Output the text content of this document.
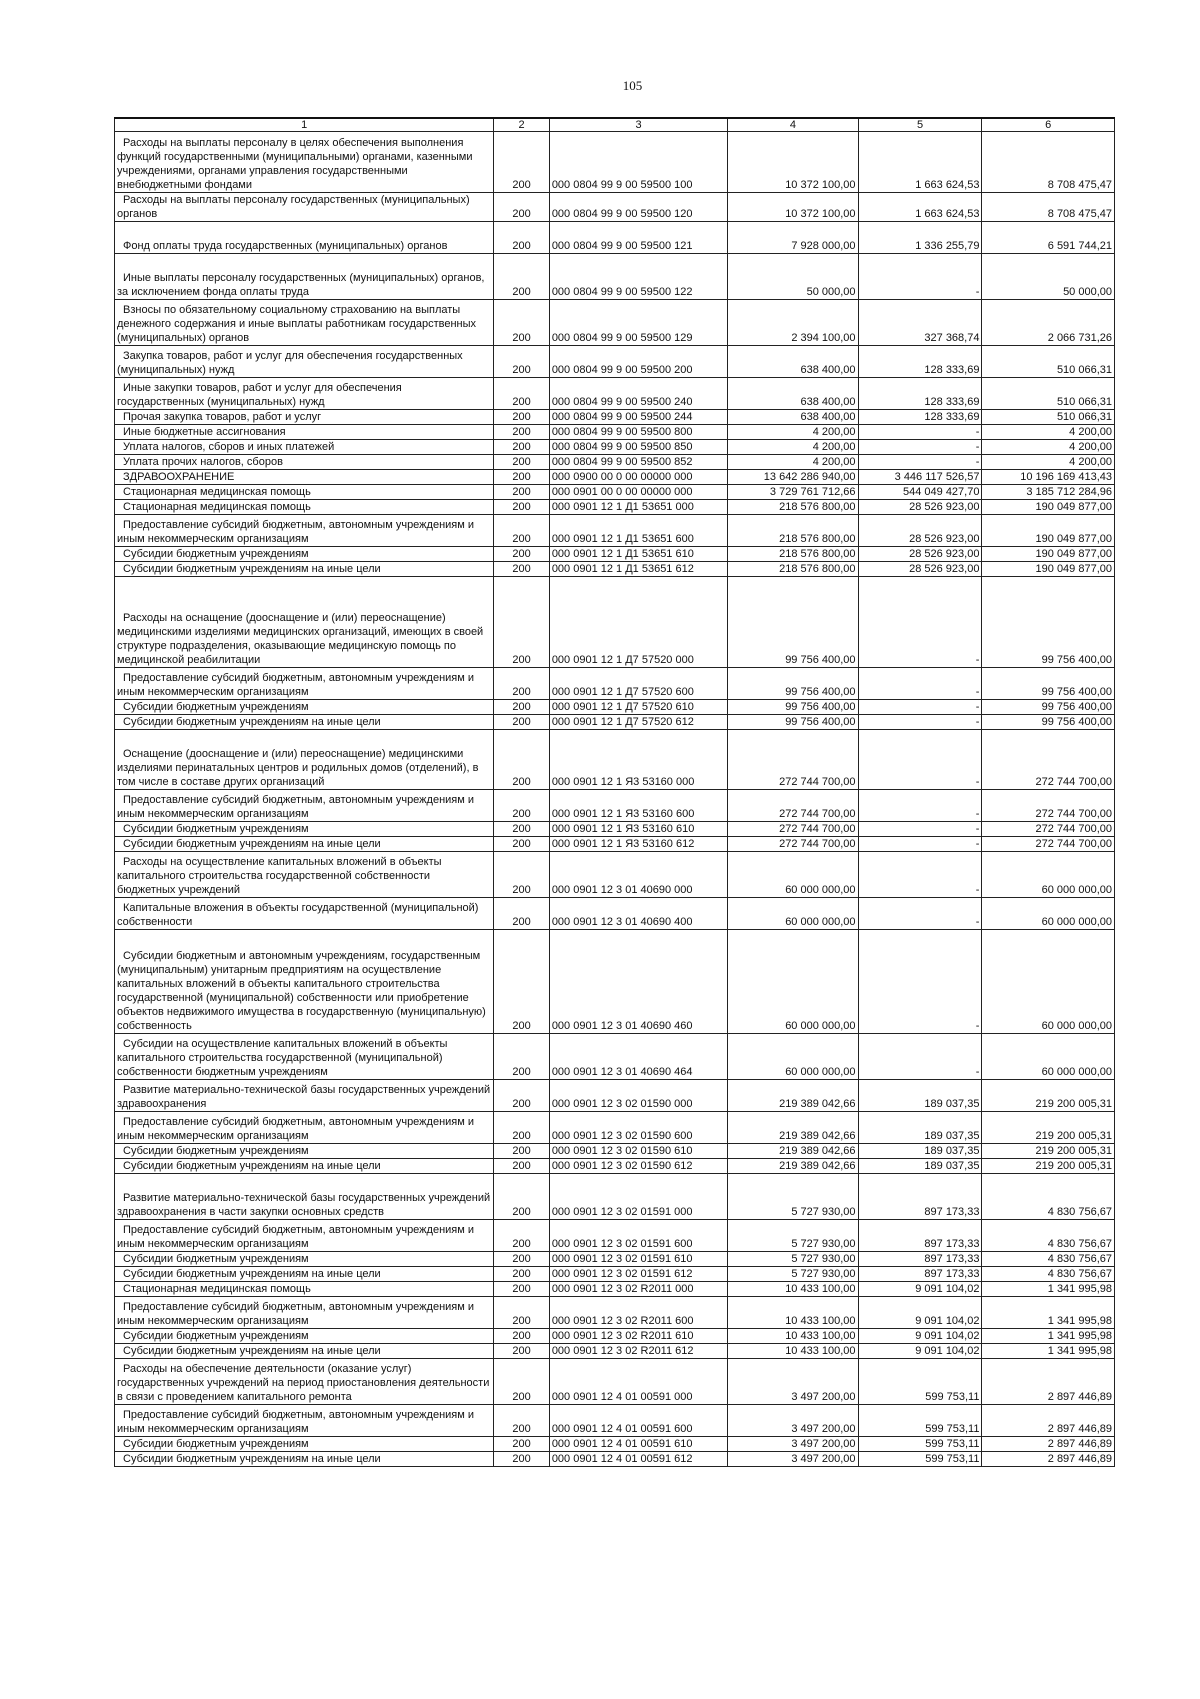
105
1	2	3	4	5	6
Расходы на выплаты персоналу в целях обеспечения выполнения функций государственными (муниципальными) органами, казенными учреждениями, органами управления государственными внебюджетными фондами	200	000 0804 99 9 00 59500 100	10 372 100,00	1 663 624,53	8 708 475,47
Расходы на выплаты персоналу государственных (муниципальных) органов	200	000 0804 99 9 00 59500 120	10 372 100,00	1 663 624,53	8 708 475,47
Фонд оплаты труда государственных (муниципальных) органов	200	000 0804 99 9 00 59500 121	7 928 000,00	1 336 255,79	6 591 744,21
Иные выплаты персоналу государственных (муниципальных) органов, за исключением фонда оплаты труда	200	000 0804 99 9 00 59500 122	50 000,00	-	50 000,00
Взносы по обязательному социальному страхованию на выплаты денежного содержания и иные выплаты работникам государственных (муниципальных) органов	200	000 0804 99 9 00 59500 129	2 394 100,00	327 368,74	2 066 731,26
Закупка товаров, работ и услуг для обеспечения государственных (муниципальных) нужд	200	000 0804 99 9 00 59500 200	638 400,00	128 333,69	510 066,31
Иные закупки товаров, работ и услуг для обеспечения государственных (муниципальных) нужд	200	000 0804 99 9 00 59500 240	638 400,00	128 333,69	510 066,31
Прочая закупка товаров, работ и услуг	200	000 0804 99 9 00 59500 244	638 400,00	128 333,69	510 066,31
Иные бюджетные ассигнования	200	000 0804 99 9 00 59500 800	4 200,00	-	4 200,00
Уплата налогов, сборов и иных платежей	200	000 0804 99 9 00 59500 850	4 200,00	-	4 200,00
Уплата прочих налогов, сборов	200	000 0804 99 9 00 59500 852	4 200,00	-	4 200,00
ЗДРАВООХРАНЕНИЕ	200	000 0900 00 0 00 00000 000	13 642 286 940,00	3 446 117 526,57	10 196 169 413,43
Стационарная медицинская помощь	200	000 0901 00 0 00 00000 000	3 729 761 712,66	544 049 427,70	3 185 712 284,96
Стационарная медицинская помощь	200	000 0901 12 1 Д1 53651 000	218 576 800,00	28 526 923,00	190 049 877,00
Предоставление субсидий бюджетным, автономным учреждениям и иным некоммерческим организациям	200	000 0901 12 1 Д1 53651 600	218 576 800,00	28 526 923,00	190 049 877,00
Субсидии бюджетным учреждениям	200	000 0901 12 1 Д1 53651 610	218 576 800,00	28 526 923,00	190 049 877,00
Субсидии бюджетным учреждениям на иные цели	200	000 0901 12 1 Д1 53651 612	218 576 800,00	28 526 923,00	190 049 877,00
Расходы на оснащение (дооснащение и (или) переоснащение) медицинскими изделиями медицинских организаций, имеющих в своей структуре подразделения, оказывающие медицинскую помощь по медицинской реабилитации	200	000 0901 12 1 Д7 57520 000	99 756 400,00	-	99 756 400,00
Предоставление субсидий бюджетным, автономным учреждениям и иным некоммерческим организациям	200	000 0901 12 1 Д7 57520 600	99 756 400,00	-	99 756 400,00
Субсидии бюджетным учреждениям	200	000 0901 12 1 Д7 57520 610	99 756 400,00	-	99 756 400,00
Субсидии бюджетным учреждениям на иные цели	200	000 0901 12 1 Д7 57520 612	99 756 400,00	-	99 756 400,00
Оснащение (дооснащение и (или) переоснащение) медицинскими изделиями перинатальных центров и родильных домов (отделений), в том числе в составе других организаций	200	000 0901 12 1 Я3 53160 000	272 744 700,00	-	272 744 700,00
Предоставление субсидий бюджетным, автономным учреждениям и иным некоммерческим организациям	200	000 0901 12 1 Я3 53160 600	272 744 700,00	-	272 744 700,00
Субсидии бюджетным учреждениям	200	000 0901 12 1 Я3 53160 610	272 744 700,00	-	272 744 700,00
Субсидии бюджетным учреждениям на иные цели	200	000 0901 12 1 Я3 53160 612	272 744 700,00	-	272 744 700,00
Расходы на осуществление капитальных вложений в объекты капитального строительства государственной собственности бюджетных учреждений	200	000 0901 12 3 01 40690 000	60 000 000,00	-	60 000 000,00
Капитальные вложения в объекты государственной (муниципальной) собственности	200	000 0901 12 3 01 40690 400	60 000 000,00	-	60 000 000,00
Субсидии бюджетным и автономным учреждениям, государственным (муниципальным) унитарным предприятиям на осуществление капитальных вложений в объекты капитального строительства государственной (муниципальной) собственности или приобретение объектов недвижимого имущества в государственную (муниципальную) собственность	200	000 0901 12 3 01 40690 460	60 000 000,00	-	60 000 000,00
Субсидии на осуществление капитальных вложений в объекты капитального строительства государственной (муниципальной) собственности бюджетным учреждениям	200	000 0901 12 3 01 40690 464	60 000 000,00	-	60 000 000,00
Развитие материально-технической базы государственных учреждений здравоохранения	200	000 0901 12 3 02 01590 000	219 389 042,66	189 037,35	219 200 005,31
Предоставление субсидий бюджетным, автономным учреждениям и иным некоммерческим организациям	200	000 0901 12 3 02 01590 600	219 389 042,66	189 037,35	219 200 005,31
Субсидии бюджетным учреждениям	200	000 0901 12 3 02 01590 610	219 389 042,66	189 037,35	219 200 005,31
Субсидии бюджетным учреждениям на иные цели	200	000 0901 12 3 02 01590 612	219 389 042,66	189 037,35	219 200 005,31
Развитие материально-технической базы государственных учреждений здравоохранения в части закупки основных средств	200	000 0901 12 3 02 01591 000	5 727 930,00	897 173,33	4 830 756,67
Предоставление субсидий бюджетным, автономным учреждениям и иным некоммерческим организациям	200	000 0901 12 3 02 01591 600	5 727 930,00	897 173,33	4 830 756,67
Субсидии бюджетным учреждениям	200	000 0901 12 3 02 01591 610	5 727 930,00	897 173,33	4 830 756,67
Субсидии бюджетным учреждениям на иные цели	200	000 0901 12 3 02 01591 612	5 727 930,00	897 173,33	4 830 756,67
Стационарная медицинская помощь	200	000 0901 12 3 02 R2011 000	10 433 100,00	9 091 104,02	1 341 995,98
Предоставление субсидий бюджетным, автономным учреждениям и иным некоммерческим организациям	200	000 0901 12 3 02 R2011 600	10 433 100,00	9 091 104,02	1 341 995,98
Субсидии бюджетным учреждениям	200	000 0901 12 3 02 R2011 610	10 433 100,00	9 091 104,02	1 341 995,98
Субсидии бюджетным учреждениям на иные цели	200	000 0901 12 3 02 R2011 612	10 433 100,00	9 091 104,02	1 341 995,98
Расходы на обеспечение деятельности (оказание услуг) государственных учреждений на период приостановления деятельности в связи с проведением капитального ремонта	200	000 0901 12 4 01 00591 000	3 497 200,00	599 753,11	2 897 446,89
Предоставление субсидий бюджетным, автономным учреждениям и иным некоммерческим организациям	200	000 0901 12 4 01 00591 600	3 497 200,00	599 753,11	2 897 446,89
Субсидии бюджетным учреждениям	200	000 0901 12 4 01 00591 610	3 497 200,00	599 753,11	2 897 446,89
Субсидии бюджетным учреждениям на иные цели	200	000 0901 12 4 01 00591 612	3 497 200,00	599 753,11	2 897 446,89
